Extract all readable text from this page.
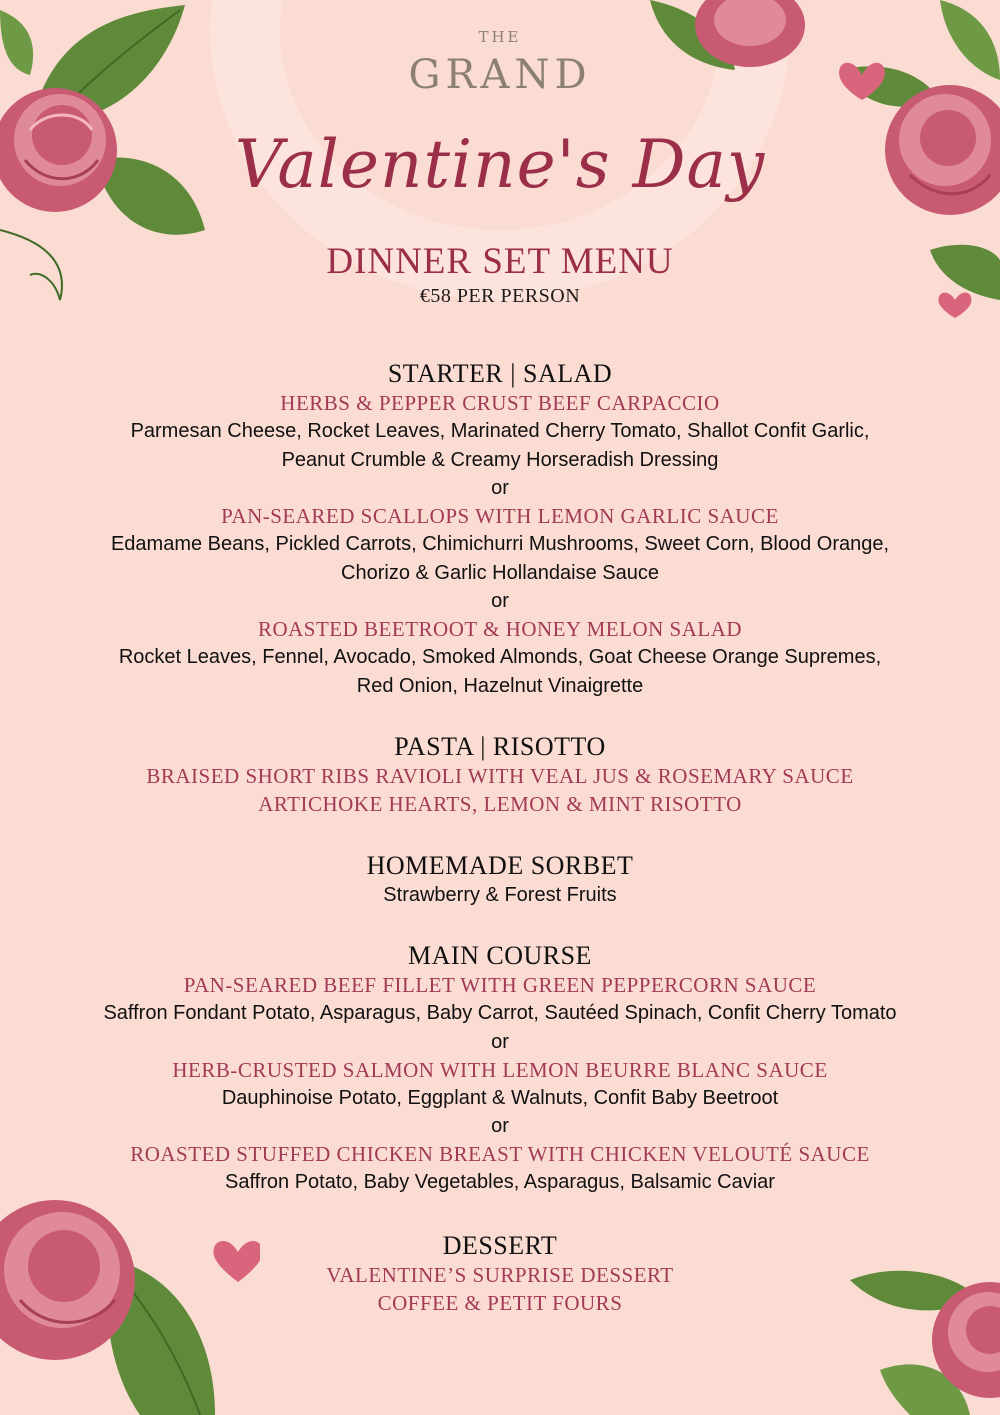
THE
GRAND
Valentine's Day
DINNER SET MENU
€58 PER PERSON
STARTER | SALAD
HERBS & PEPPER CRUST BEEF CARPACCIO
Parmesan Cheese, Rocket Leaves, Marinated Cherry Tomato, Shallot Confit Garlic,
Peanut Crumble & Creamy Horseradish Dressing
or
PAN-SEARED SCALLOPS WITH LEMON GARLIC SAUCE
Edamame Beans, Pickled Carrots, Chimichurri Mushrooms, Sweet Corn, Blood Orange,
Chorizo & Garlic Hollandaise Sauce
or
ROASTED BEETROOT & HONEY MELON SALAD
Rocket Leaves, Fennel, Avocado, Smoked Almonds, Goat Cheese Orange Supremes,
Red Onion, Hazelnut Vinaigrette
PASTA | RISOTTO
BRAISED SHORT RIBS RAVIOLI WITH VEAL JUS & ROSEMARY SAUCE
ARTICHOKE HEARTS, LEMON & MINT RISOTTO
HOMEMADE SORBET
Strawberry & Forest Fruits
MAIN COURSE
PAN-SEARED BEEF FILLET WITH GREEN PEPPERCORN SAUCE
Saffron Fondant Potato, Asparagus, Baby Carrot, Sautéed Spinach, Confit Cherry Tomato
or
HERB-CRUSTED SALMON WITH LEMON BEURRE BLANC SAUCE
Dauphinoise Potato, Eggplant & Walnuts, Confit Baby Beetroot
or
ROASTED STUFFED CHICKEN BREAST WITH CHICKEN VELOUTÉ SAUCE
Saffron Potato, Baby Vegetables, Asparagus, Balsamic Caviar
DESSERT
VALENTINE’S SURPRISE DESSERT
COFFEE & PETIT FOURS
